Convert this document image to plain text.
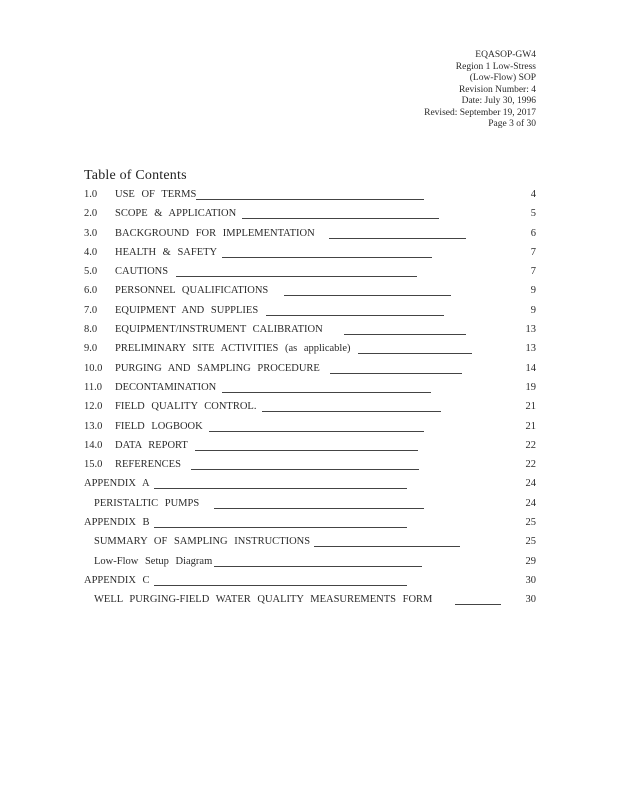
EQASOP-GW4
Region 1 Low-Stress
(Low-Flow) SOP
Revision Number: 4
Date: July 30, 1996
Revised: September 19, 2017
Page 3 of 30
Table of Contents
1.0 USE OF TERMS	4
2.0 SCOPE & APPLICATION	5
3.0 BACKGROUND FOR IMPLEMENTATION	6
4.0 HEALTH & SAFETY	7
5.0 CAUTIONS	7
6.0 PERSONNEL QUALIFICATIONS	9
7.0 EQUIPMENT AND SUPPLIES	9
8.0 EQUIPMENT/INSTRUMENT CALIBRATION	13
9.0 PRELIMINARY SITE ACTIVITIES (as applicable)	13
10.0 PURGING AND SAMPLING PROCEDURE	14
11.0 DECONTAMINATION	19
12.0 FIELD QUALITY CONTROL.	21
13.0 FIELD LOGBOOK	21
14.0 DATA REPORT	22
15.0 REFERENCES	22
APPENDIX A	24
PERISTALTIC PUMPS	24
APPENDIX B	25
SUMMARY OF SAMPLING INSTRUCTIONS	25
Low-Flow Setup Diagram	29
APPENDIX C	30
WELL PURGING-FIELD WATER QUALITY MEASUREMENTS FORM	30
